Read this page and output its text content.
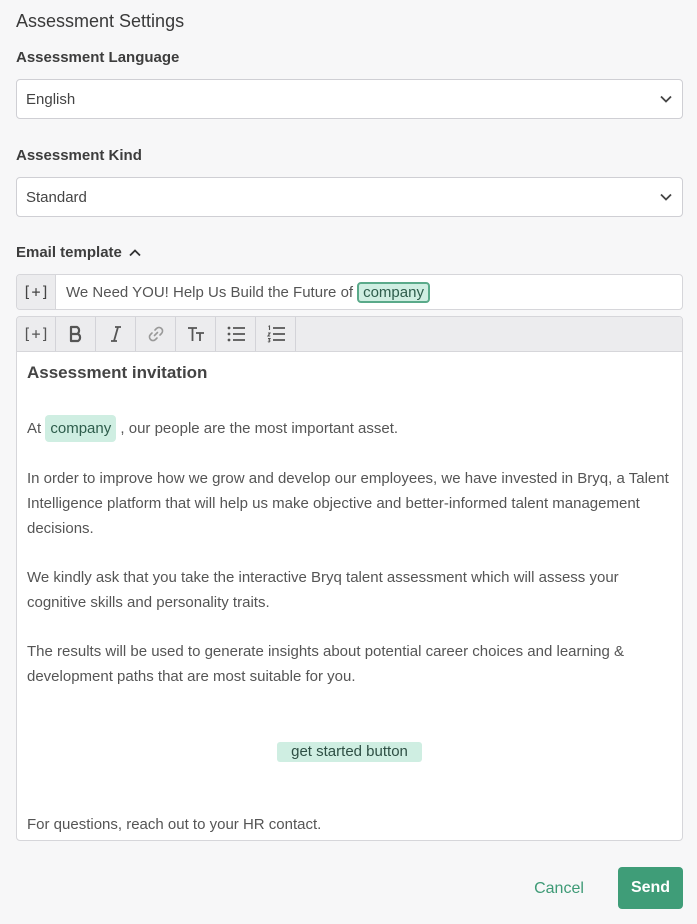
Assessment Settings
Assessment Language
English
Assessment Kind
Standard
Email template
[+]	We Need YOU! Help Us Build the Future of company
[+]
Assessment invitation

At company , our people are the most important asset.

In order to improve how we grow and develop our employees, we have invested in Bryq, a Talent Intelligence platform that will help us make objective and better-informed talent management decisions.

We kindly ask that you take the interactive Bryq talent assessment which will assess your cognitive skills and personality traits.

The results will be used to generate insights about potential career choices and learning & development paths that are most suitable for you.

get started button

For questions, reach out to your HR contact.

Cancel	Send
